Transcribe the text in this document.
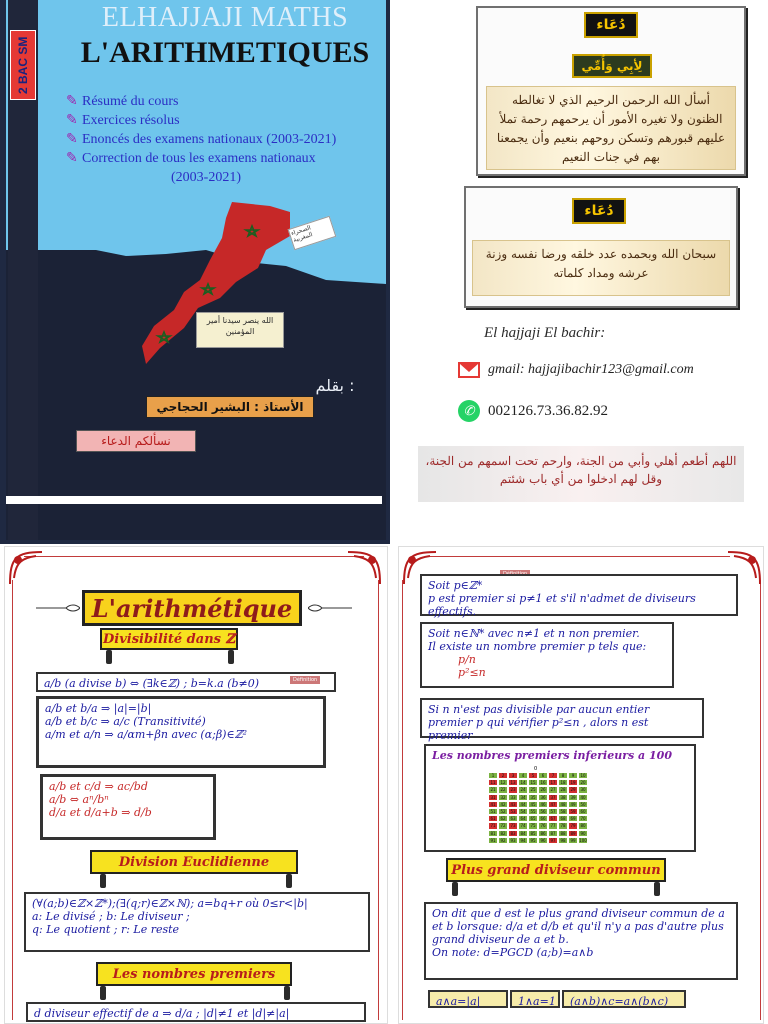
2 BAC SM
ELHAJJAJI MATHS
L'ARITHMETIQUES
✎ Résumé du cours
✎ Exercices résolus
✎ Enoncés des examens nationaux (2003-2021)
✎ Correction de tous les examens nationaux
(2003-2021)
الصحراء المغربية
الله ينصر سيدنا أمير المؤمنين
بقلم :
الأستاذ : البشير الحجاجي
نسألكم الدعاء
دُعَاء
لِأبِي وَأُمِّي
أسأل الله الرحمن الرحيم الذي لا تغالطه الظنون ولا تغيره الأمور أن يرحمهم رحمة تملأ عليهم قبورهم وتسكن روحهم بنعيم وأن يجمعنا بهم في جنات النعيم
دُعَاء
سبحان الله وبحمده عدد خلقه ورضا نفسه وزنة عرشه ومداد كلماته
El hajjaji El bachir:
gmail: hajjajibachir123@gmail.com
✆ 002126.73.36.82.92
اللهم أطعم أهلي وأبي من الجنة، وارحم تحت اسمهم من الجنة، وقل لهم ادخلوا من أي باب شئتم
L'arithmétique
Divisibilité dans ℤ
a/b (a divise b) ⇔ (∃k∈ℤ) ; b=k.a (b≠0)	Définition
a/b et b/a ⇒ |a|=|b|
a/b et b/c ⇒ a/c (Transitivité)
a/m et a/n ⇒ a/αm+βn avec (α;β)∈ℤ²
a/b et c/d ⇒ ac/bd
a/b ⇔ aⁿ/bⁿ
d/a et d/a+b ⇒ d/b
Division Euclidienne
(∀(a;b)∈ℤ×ℤ*);(∃(q;r)∈ℤ×ℕ); a=bq+r où 0≤r<|b|
a: Le divisé ; b: Le diviseur ;
q: Le quotient ; r: Le reste
Les nombres premiers
d diviseur effectif de a ⇒ d/a ; |d|≠1 et |d|≠|a|
Soit p∈ℤ*
p est premier si p≠1 et s'il n'admet de diviseurs effectifs.
Soit n∈ℕ* avec n≠1 et n non premier.
Il existe un nombre premier p tels que:
p/n
p²≤n
Si n n'est pas divisible par aucun entier premier p qui vérifier p²≤n , alors n est premier
Les nombres premiers inferieurs a 100
0
1	2	3	4	5	6	7	8	9	10
11	12	13	14	15	16	17	18	19	20
21	22	23	24	25	26	27	28	29	30
31	32	33	34	35	36	37	38	39	40
41	42	43	44	45	46	47	48	49	50
51	52	53	54	55	56	57	58	59	60
61	62	63	64	65	66	67	68	69	70
71	72	73	74	75	76	77	78	79	80
81	82	83	84	85	86	87	88	89	90
91	92	93	94	95	96	97	98	99 100
Plus grand diviseur commun
On dit que d est le plus grand diviseur commun de a et b lorsque: d/a et d/b et qu'il n'y a pas d'autre plus grand diviseur de a et b.
On note: d=PGCD (a;b)=a∧b
a∧a=|a|	1∧a=1	(a∧b)∧c=a∧(b∧c)
